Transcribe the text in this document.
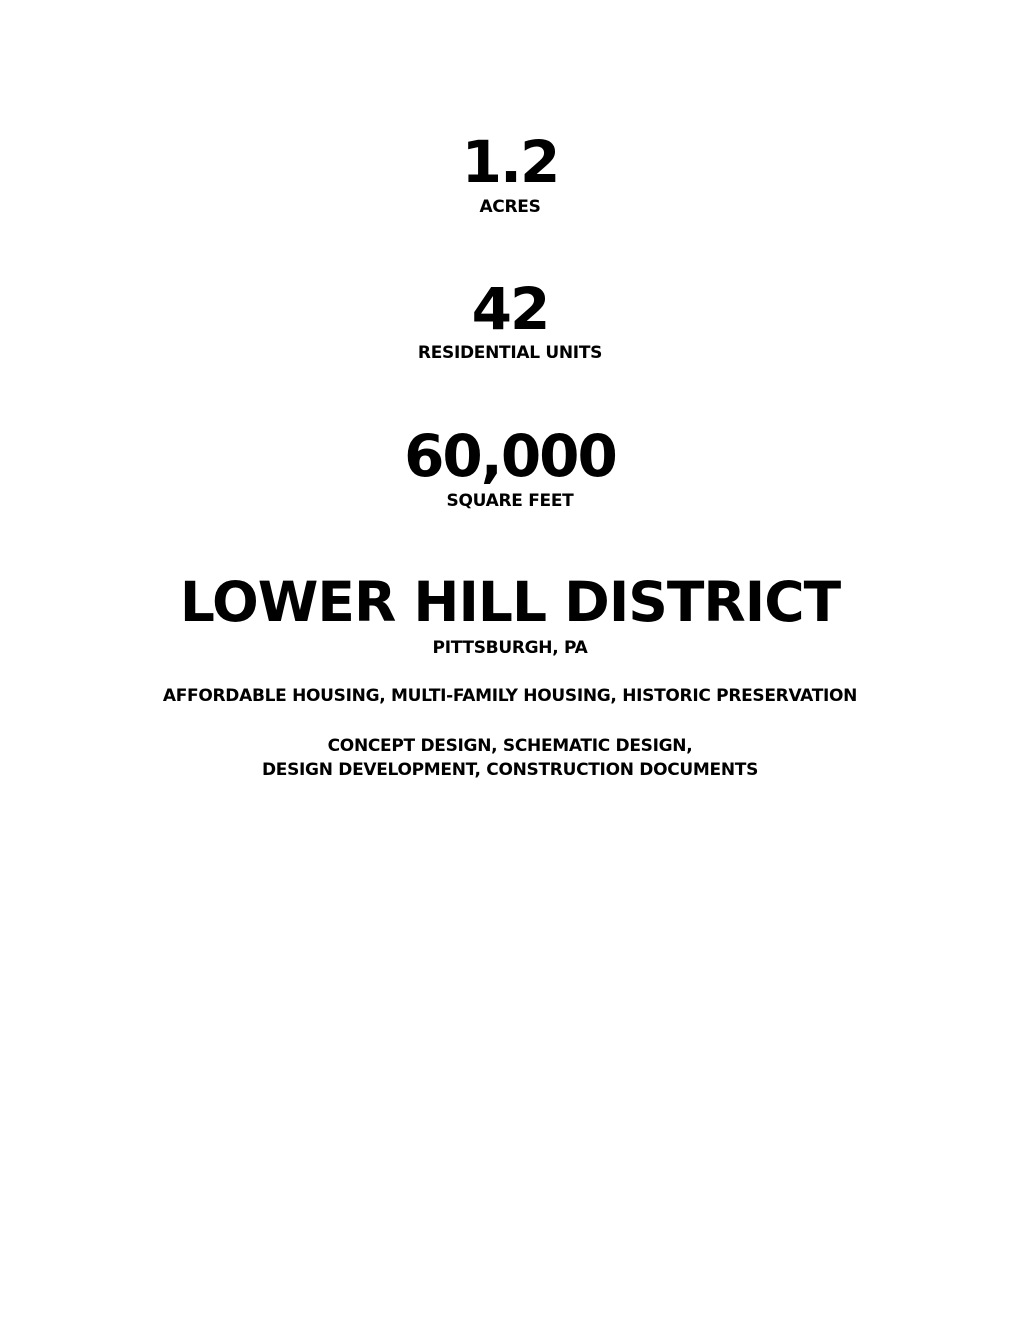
1.2
ACRES
42
RESIDENTIAL UNITS
60,000
SQUARE FEET
LOWER HILL DISTRICT
PITTSBURGH, PA
AFFORDABLE HOUSING, MULTI-FAMILY HOUSING, HISTORIC PRESERVATION
CONCEPT DESIGN, SCHEMATIC DESIGN,
DESIGN DEVELOPMENT, CONSTRUCTION DOCUMENTS
